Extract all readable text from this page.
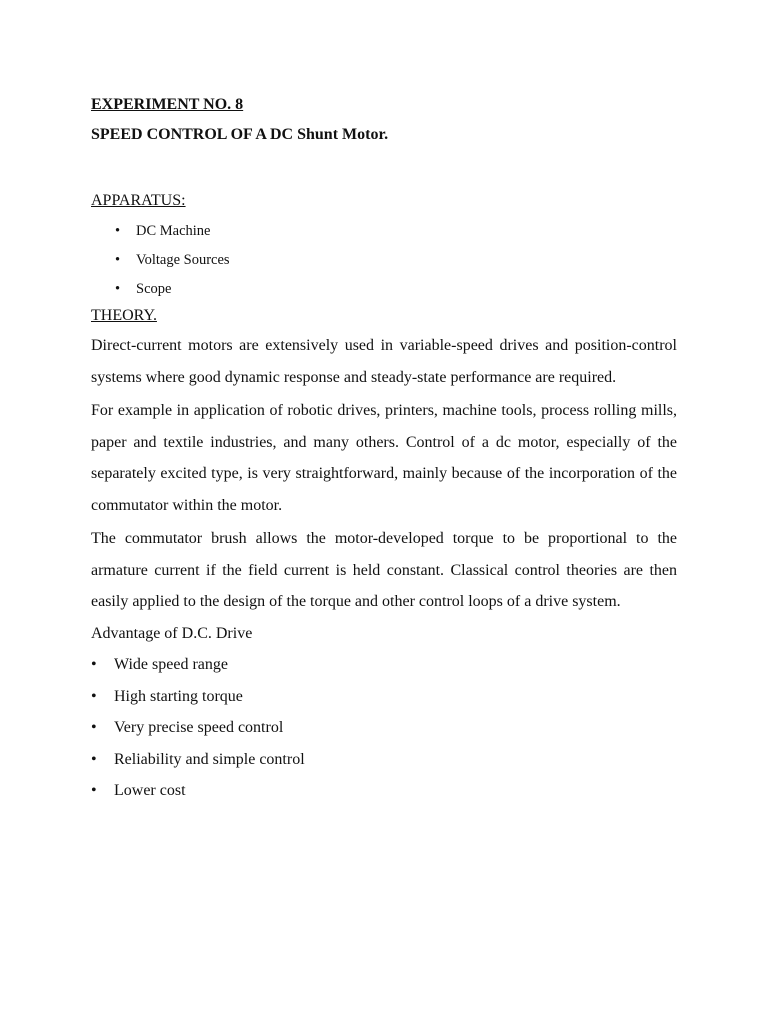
EXPERIMENT NO. 8
SPEED CONTROL OF A DC Shunt Motor.
APPARATUS:
• DC Machine
• Voltage Sources
• Scope
THEORY.

Direct-current motors are extensively used in variable-speed drives and position-control systems where good dynamic response and steady-state performance are required.

For example in application of robotic drives, printers, machine tools, process rolling mills, paper and textile industries, and many others. Control of a dc motor, especially of the separately excited type, is very straightforward, mainly because of the incorporation of the commutator within the motor.

The commutator brush allows the motor-developed torque to be proportional to the armature current if the field current is held constant. Classical control theories are then easily applied to the design of the torque and other control loops of a drive system.

Advantage of D.C. Drive
• Wide speed range
• High starting torque
• Very precise speed control
• Reliability and simple control
• Lower cost
